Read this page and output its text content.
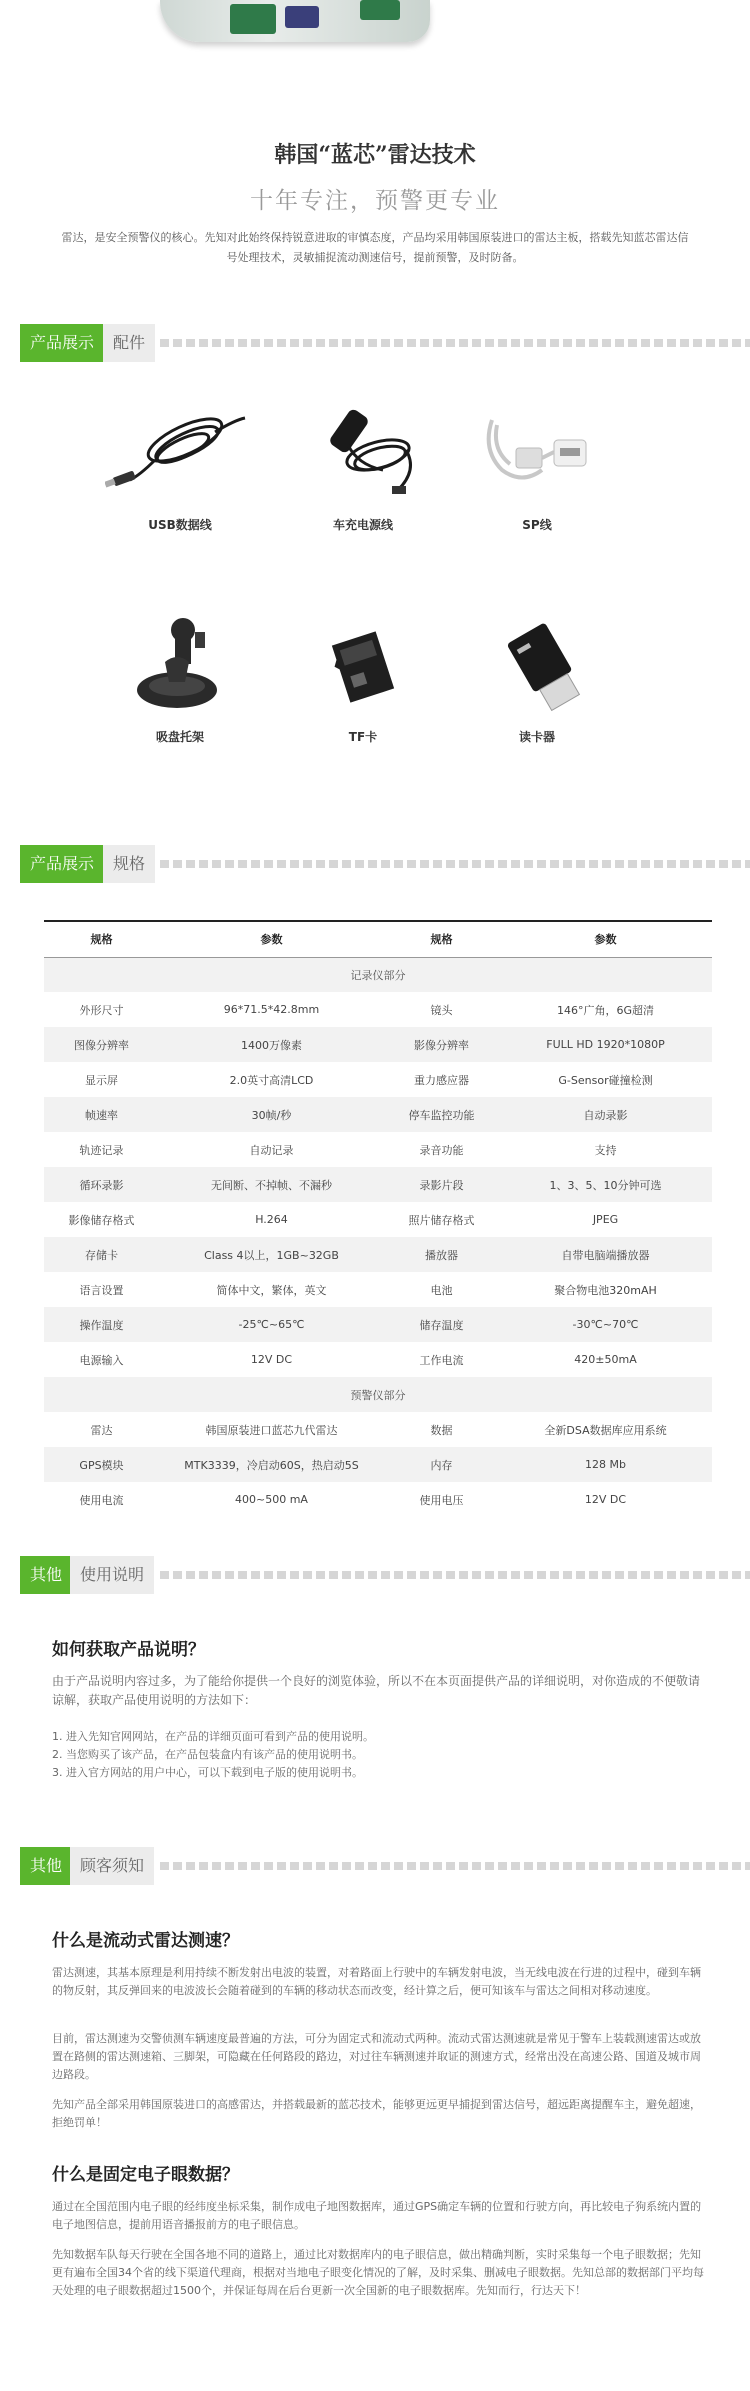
韩国“蓝芯”雷达技术
十年专注，预警更专业
雷达，是安全预警仪的核心。先知对此始终保持锐意进取的审慎态度，产品均采用韩国原装进口的雷达主板，搭载先知蓝芯雷达信号处理技术，灵敏捕捉流动测速信号，提前预警，及时防备。
产品展示	配件
USB数据线	车充电源线	SP线
吸盘托架	TF卡	读卡器
产品展示	规格
规格	参数	规格	参数
记录仪部分			
外形尺寸	96*71.5*42.8mm	镜头	146°广角，6G超清
图像分辨率	1400万像素	影像分辨率	FULL HD 1920*1080P
显示屏	2.0英寸高清LCD	重力感应器	G-Sensor碰撞检测
帧速率	30帧/秒	停车监控功能	自动录影
轨迹记录	自动记录	录音功能	支持
循环录影	无间断、不掉帧、不漏秒	录影片段	1、3、5、10分钟可选
影像储存格式	H.264	照片储存格式	JPEG
存储卡	Class 4以上，1GB~32GB	播放器	自带电脑端播放器
语言设置	简体中文，繁体，英文	电池	聚合物电池320mAH
操作温度	-25℃~65℃	储存温度	-30℃~70℃
电源输入	12V DC	工作电流	420±50mA
预警仪部分			
雷达	韩国原装进口蓝芯九代雷达	数据	全新DSA数据库应用系统
GPS模块	MTK3339，冷启动60S，热启动5S	内存	128 Mb
使用电流	400~500 mA	使用电压	12V DC
其他	使用说明
如何获取产品说明？
由于产品说明内容过多，为了能给你提供一个良好的浏览体验，所以不在本页面提供产品的详细说明，对你造成的不便敬请谅解，获取产品使用说明的方法如下：
1. 进入先知官网网站，在产品的详细页面可看到产品的使用说明。
2. 当您购买了该产品，在产品包装盒内有该产品的使用说明书。
3. 进入官方网站的用户中心，可以下载到电子版的使用说明书。
其他	顾客须知
什么是流动式雷达测速？
雷达测速，其基本原理是利用持续不断发射出电波的装置，对着路面上行驶中的车辆发射电波，当无线电波在行进的过程中，碰到车辆的物反射，其反弹回来的电波波长会随着碰到的车辆的移动状态而改变，经计算之后，便可知该车与雷达之间相对移动速度。
目前，雷达测速为交警侦测车辆速度最普遍的方法，可分为固定式和流动式两种。流动式雷达测速就是常见于警车上装载测速雷达或放置在路侧的雷达测速箱、三脚架，可隐藏在任何路段的路边，对过往车辆测速并取证的测速方式，经常出没在高速公路、国道及城市周边路段。
先知产品全部采用韩国原装进口的高感雷达，并搭载最新的蓝芯技术，能够更远更早捕捉到雷达信号，超远距离提醒车主，避免超速，拒绝罚单！
什么是固定电子眼数据？
通过在全国范围内电子眼的经纬度坐标采集，制作成电子地图数据库，通过GPS确定车辆的位置和行驶方向，再比较电子狗系统内置的电子地图信息，提前用语音播报前方的电子眼信息。
先知数据车队每天行驶在全国各地不同的道路上，通过比对数据库内的电子眼信息，做出精确判断，实时采集每一个电子眼数据；先知更有遍布全国34个省的线下渠道代理商，根据对当地电子眼变化情况的了解，及时采集、删减电子眼数据。先知总部的数据部门平均每天处理的电子眼数据超过1500个，并保证每周在后台更新一次全国新的电子眼数据库。先知而行，行达天下！
